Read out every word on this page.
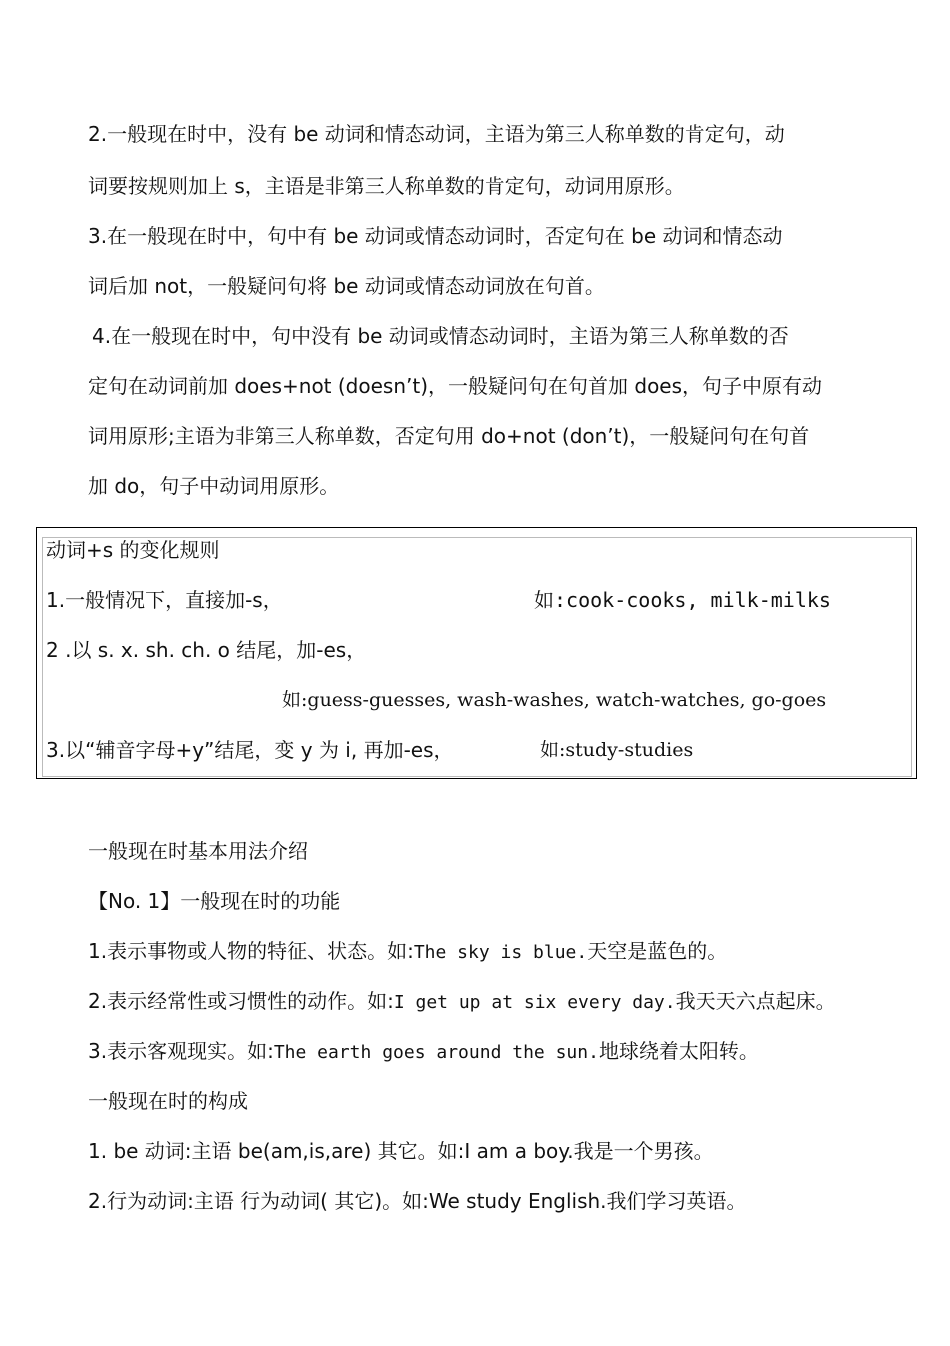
2.一般现在时中，没有 be 动词和情态动词，主语为第三人称单数的肯定句，动
词要按规则加上 s，主语是非第三人称单数的肯定句，动词用原形。
3.在一般现在时中，句中有 be 动词或情态动词时，否定句在 be 动词和情态动
词后加 not，一般疑问句将 be 动词或情态动词放在句首。
4.在一般现在时中，句中没有 be 动词或情态动词时，主语为第三人称单数的否
定句在动词前加 does+not (doesn’t)，一般疑问句在句首加 does，句子中原有动
词用原形;主语为非第三人称单数，否定句用 do+not (don’t)，一般疑问句在句首
加 do，句子中动词用原形。
动词+s 的变化规则
1.一般情况下，直接加-s，	如:cook-cooks, milk-milks
2 .以 s. x. sh. ch. o 结尾，加-es，
如:guess-guesses, wash-washes, watch-watches, go-goes
3.以“辅音字母+y”结尾，变 y 为 i, 再加-es，	如:study-studies
一般现在时基本用法介绍
【No. 1】一般现在时的功能
1.表示事物或人物的特征、状态。如:The sky is blue.天空是蓝色的。
2.表示经常性或习惯性的动作。如:I get up at six every day.我天天六点起床。
3.表示客观现实。如:The earth goes around the sun.地球绕着太阳转。
一般现在时的构成
1. be 动词:主语 be(am,is,are) 其它。如:I am a boy.我是一个男孩。
2.行为动词:主语 行为动词( 其它)。如:We study English.我们学习英语。
